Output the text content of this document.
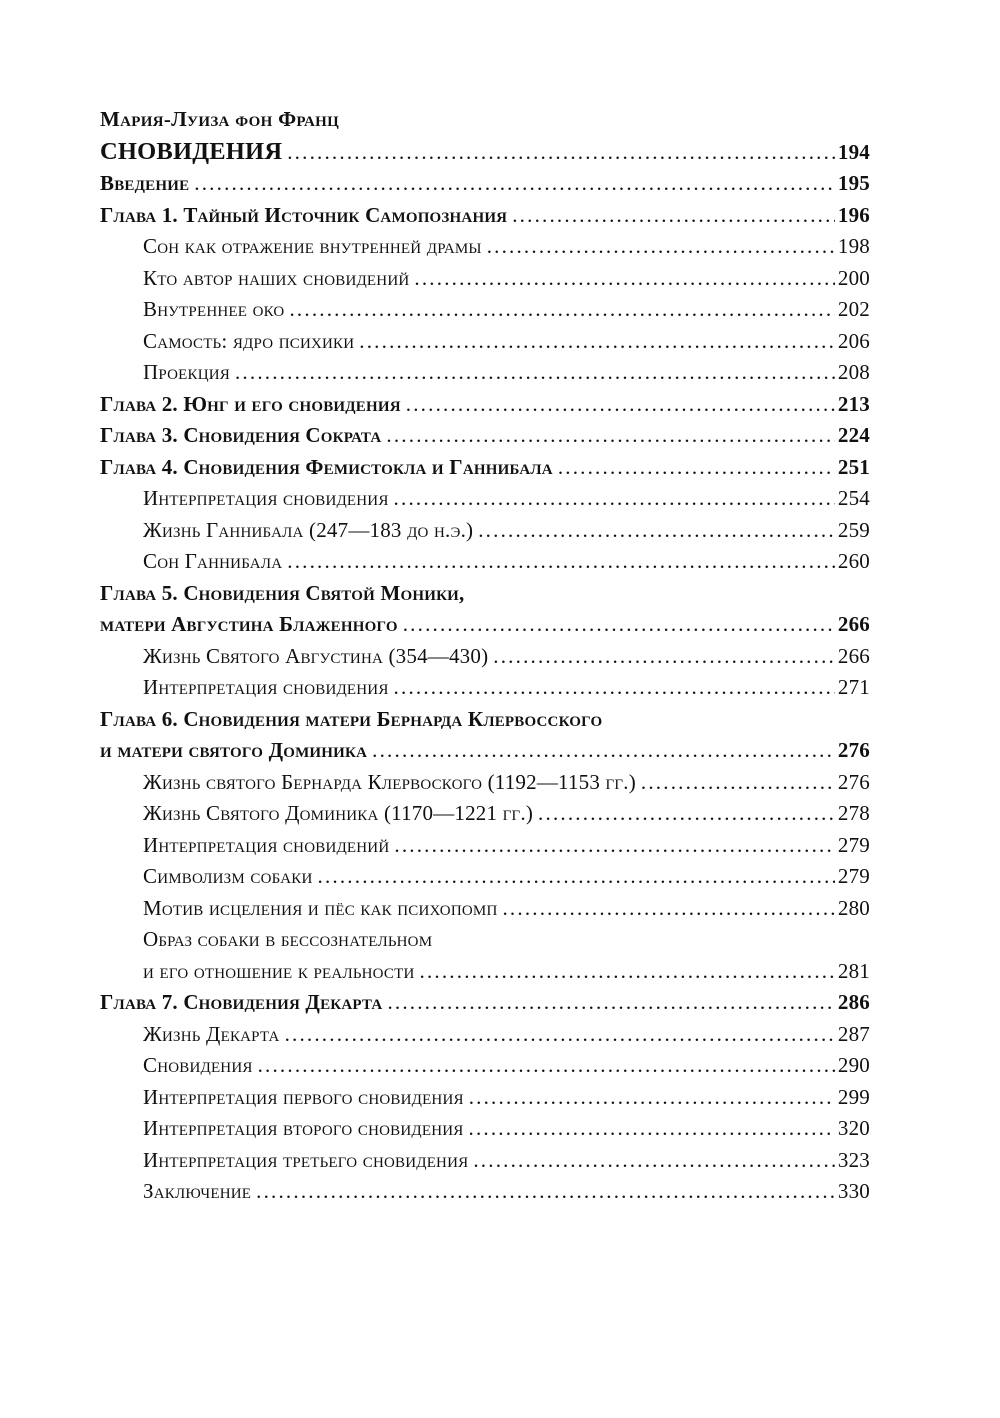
Мария-Луиза фон Франц
СНОВИДЕНИЯ .....	194
Введение .....	195
Глава 1. Тайный Источник Самопознания .....	196
Сон как отражение внутренней драмы .....	198
Кто автор наших сновидений .....	200
Внутреннее око .....	202
Самость: ядро психики .....	206
Проекция .....	208
Глава 2. Юнг и его сновидения .....	213
Глава 3. Сновидения Сократа .....	224
Глава 4. Сновидения Фемистокла и Ганнибала .....	251
Интерпретация сновидения .....	254
Жизнь Ганнибала (247—183 до н.э.) .....	259
Сон Ганнибала .....	260
Глава 5. Сновидения Святой Моники,
матери Августина Блаженного .....	266
Жизнь Святого Августина (354—430) .....	266
Интерпретация сновидения .....	271
Глава 6. Сновидения матери Бернарда Клервосского
и матери святого Доминика .....	276
Жизнь святого Бернарда Клервоского (1192—1153 гг.) .....	276
Жизнь Святого Доминика (1170—1221 гг.) .....	278
Интерпретация сновидений .....	279
Символизм собаки .....	279
Мотив исцеления и пёс как психопомп .....	280
Образ собаки в бессознательном
и его отношение к реальности .....	281
Глава 7. Сновидения Декарта .....	286
Жизнь Декарта .....	287
Сновидения .....	290
Интерпретация первого сновидения .....	299
Интерпретация второго сновидения .....	320
Интерпретация третьего сновидения .....	323
Заключение .....	330
